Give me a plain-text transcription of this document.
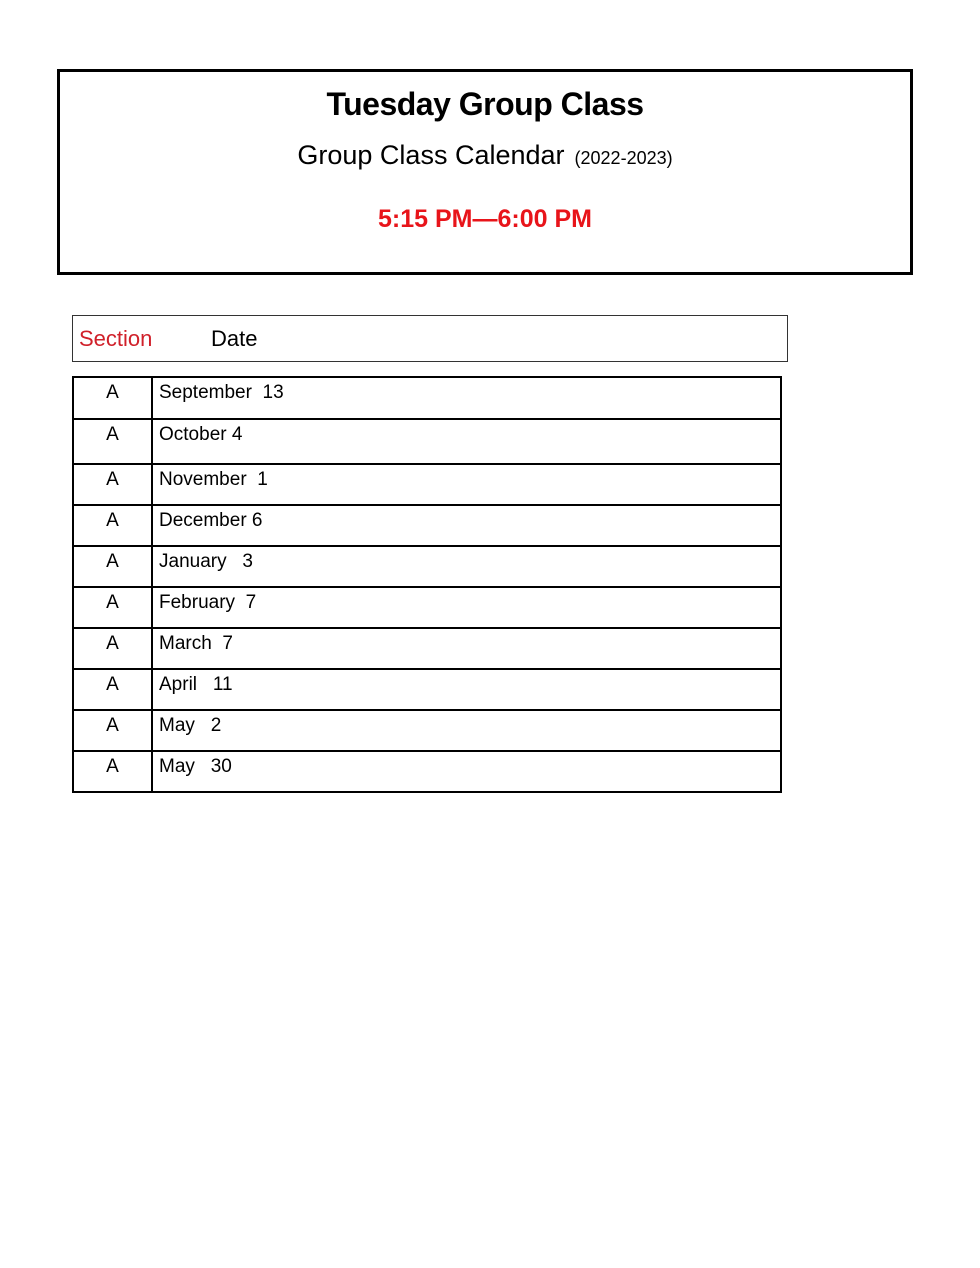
Tuesday Group Class
Group Class Calendar (2022-2023)
5:15 PM—6:00 PM
Section	Date
A	September  13
A	October 4
A	November  1
A	December 6
A	January   3
A	February  7
A	March  7
A	April   11
A	May   2
A	May   30
